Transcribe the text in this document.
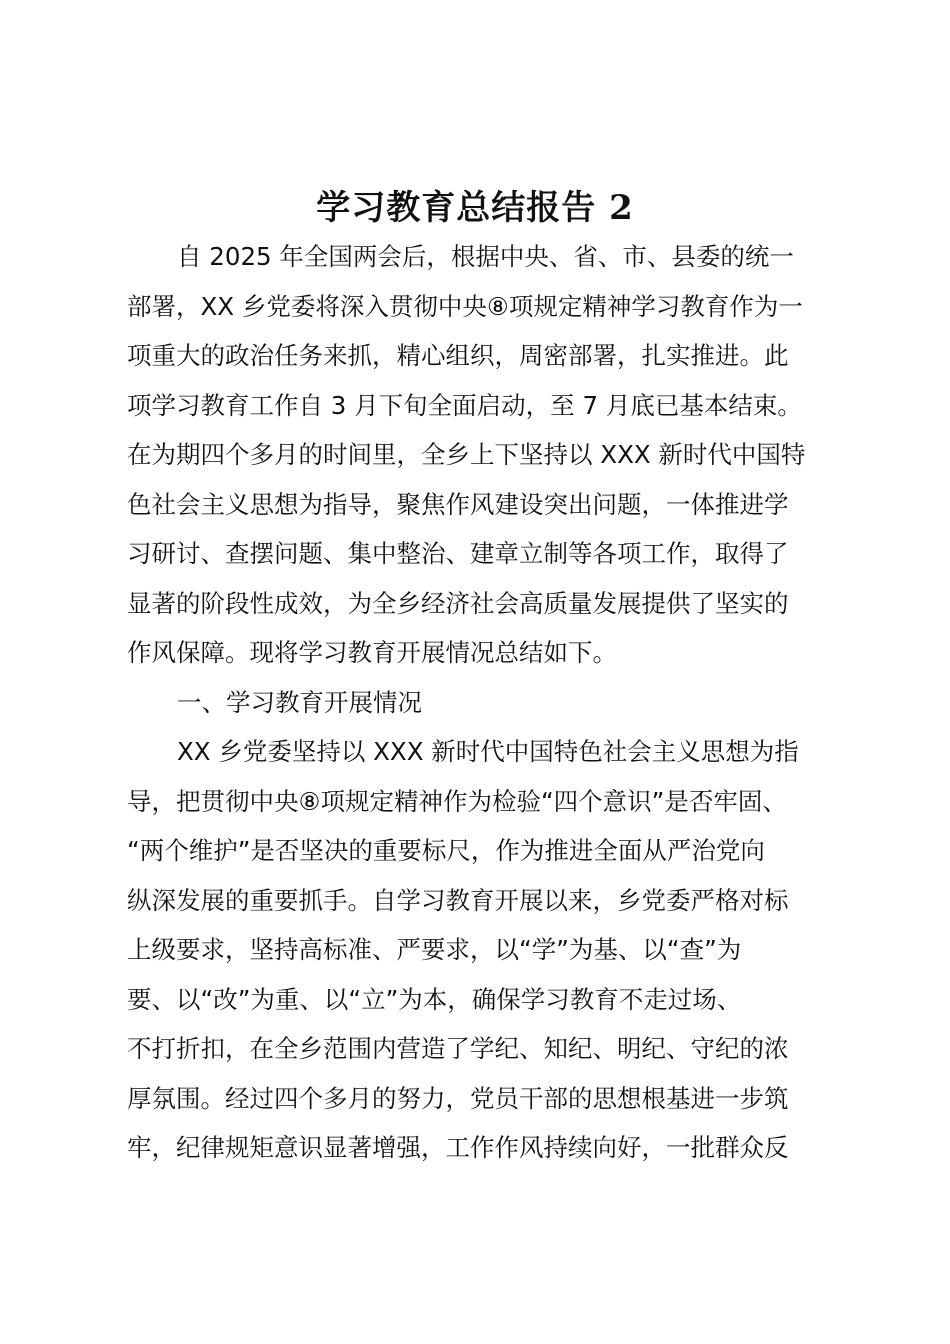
学习教育总结报告 2

自 2025 年全国两会后，根据中央、省、市、县委的统一

部署，XX 乡党委将深入贯彻中央⑧项规定精神学习教育作为一

项重大的政治任务来抓，精心组织，周密部署，扎实推进。此

项学习教育工作自 3 月下旬全面启动，至 7 月底已基本结束。

在为期四个多月的时间里，全乡上下坚持以 XXX 新时代中国特

色社会主义思想为指导，聚焦作风建设突出问题，一体推进学

习研讨、查摆问题、集中整治、建章立制等各项工作，取得了

显著的阶段性成效，为全乡经济社会高质量发展提供了坚实的

作风保障。现将学习教育开展情况总结如下。

一、学习教育开展情况

XX 乡党委坚持以 XXX 新时代中国特色社会主义思想为指

导，把贯彻中央⑧项规定精神作为检验“四个意识”是否牢固、

“两个维护”是否坚决的重要标尺，作为推进全面从严治党向

纵深发展的重要抓手。自学习教育开展以来，乡党委严格对标

上级要求，坚持高标准、严要求，以“学”为基、以“查”为

要、以“改”为重、以“立”为本，确保学习教育不走过场、

不打折扣，在全乡范围内营造了学纪、知纪、明纪、守纪的浓

厚氛围。经过四个多月的努力，党员干部的思想根基进一步筑

牢，纪律规矩意识显著增强，工作作风持续向好，一批群众反
